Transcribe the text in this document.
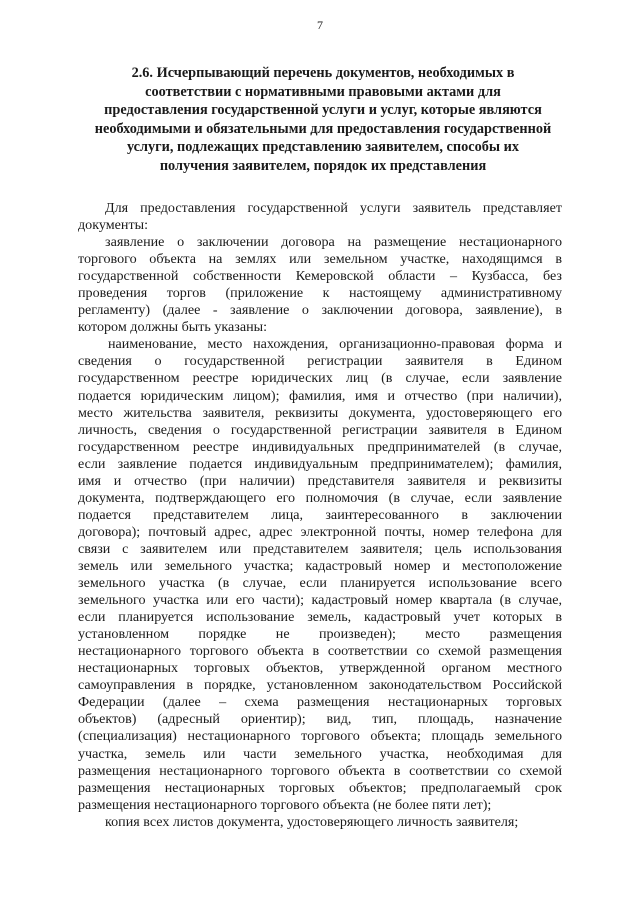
7
2.6. Исчерпывающий перечень документов, необходимых в
соответствии с нормативными правовыми актами для
предоставления государственной услуги и услуг, которые являются
необходимыми и обязательными для предоставления государственной
услуги, подлежащих представлению заявителем, способы их
получения заявителем, порядок их представления
Для предоставления государственной услуги заявитель представляет
документы:
заявление о заключении договора на размещение нестационарного
торгового объекта на землях или земельном участке, находящимся в
государственной собственности Кемеровской области – Кузбасса, без
проведения торгов (приложение к настоящему административному
регламенту) (далее - заявление о заключении договора, заявление), в
котором должны быть указаны:
наименование, место нахождения, организационно-правовая форма и
сведения о государственной регистрации заявителя в Едином
государственном реестре юридических лиц (в случае, если заявление
подается юридическим лицом); фамилия, имя и отчество (при наличии),
место жительства заявителя, реквизиты документа, удостоверяющего его
личность, сведения о государственной регистрации заявителя в Едином
государственном реестре индивидуальных предпринимателей (в случае,
если заявление подается индивидуальным предпринимателем); фамилия,
имя и отчество (при наличии) представителя заявителя и реквизиты
документа, подтверждающего его полномочия (в случае, если заявление
подается представителем лица, заинтересованного в заключении
договора); почтовый адрес, адрес электронной почты, номер телефона для
связи с заявителем или представителем заявителя; цель использования
земель или земельного участка; кадастровый номер и местоположение
земельного участка (в случае, если планируется использование всего
земельного участка или его части); кадастровый номер квартала (в случае,
если планируется использование земель, кадастровый учет которых в
установленном порядке не произведен); место размещения
нестационарного торгового объекта в соответствии со схемой размещения
нестационарных торговых объектов, утвержденной органом местного
самоуправления в порядке, установленном законодательством Российской
Федерации (далее – схема размещения нестационарных торговых
объектов) (адресный ориентир); вид, тип, площадь, назначение
(специализация) нестационарного торгового объекта; площадь земельного
участка, земель или части земельного участка, необходимая для
размещения нестационарного торгового объекта в соответствии со схемой
размещения нестационарных торговых объектов; предполагаемый срок
размещения нестационарного торгового объекта (не более пяти лет);
копия всех листов документа, удостоверяющего личность заявителя;
